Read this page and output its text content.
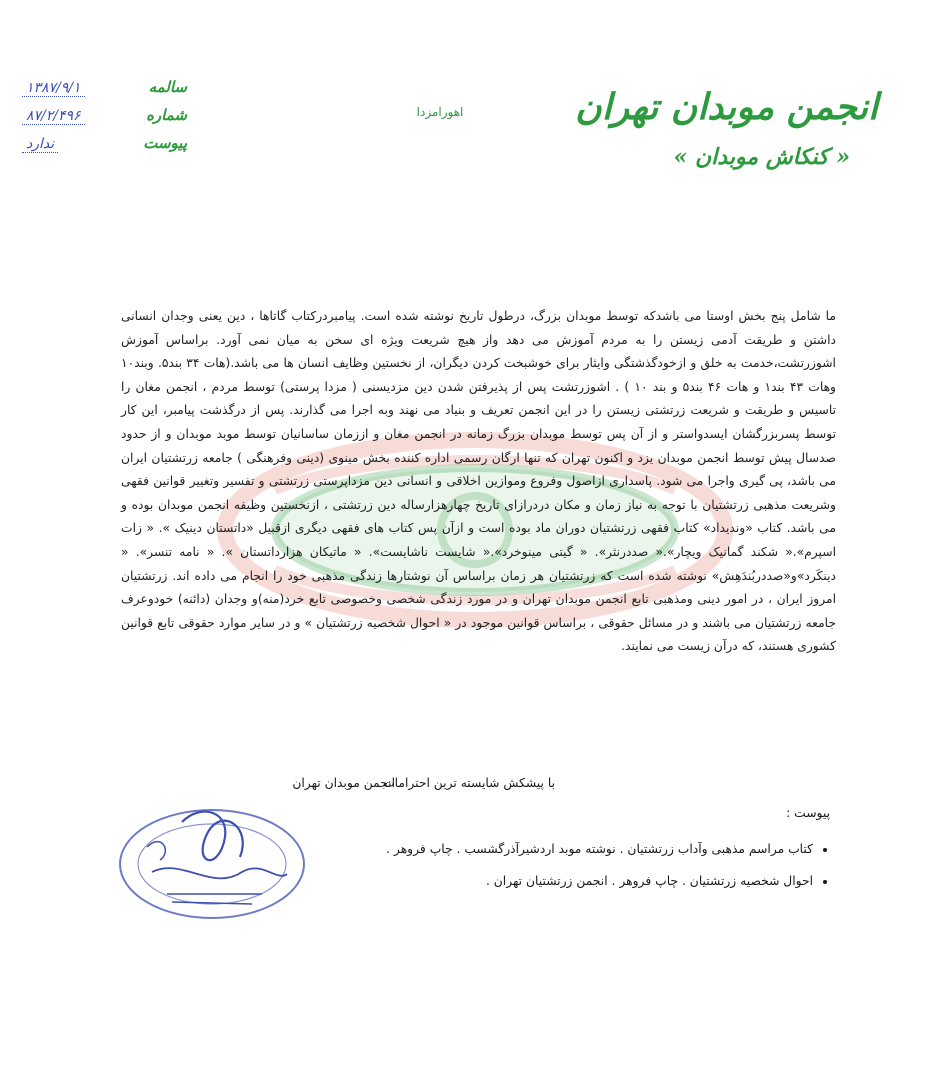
انجمن موبدان تهران
« کنکاش موبدان »
اهورامزدا
سالمه
۱۳۸۷/۹/۱
شماره
۸۷/۲/۴۹۶
پیوست
ندارد

ما شامل پنج بخش اوستا می باشدکه توسط موبدان بزرگ، درطول تاریخ نوشته شده است. پیامبردرکتاب گاتاها ، دین یعنی وجدان انسانی داشتن و طریقت آدمی زیستن را به مردم آموزش می دهد واز هیچ شریعت ویژه ای سخن به میان نمی آورد. براساس آموزش اشوزرتشت،خدمت به خلق و ازخودگذشتگی وایثار برای خوشبخت کردن دیگران، از نخستین وظایف انسان ها می باشد.(هات ۳۴ بند۵. وبند۱۰ وهات ۴۳ بند۱ و هات ۴۶ بند۵ و بند ۱۰ ) . اشوزرتشت پس از پذیرفتن شدن دین مزدیسنی ( مزدا پرستی) توسط مردم ، انجمن مغان را تاسیس و طریقت و شریعت زرتشتی زیستن را در این انجمن تعریف و بنیاد می نهند وبه اجرا می گذارند. پس از درگذشت پیامبر، این کار توسط پسربزرگشان ایسدواستر و از آن پس توسط موبدان بزرگ زمانه در انجمن مغان و اززمان ساسانیان توسط موبد موبدان و از حدود صدسال پیش توسط انجمن موبدان یزد و اکنون تهران که تنها ارگان رسمی اداره کننده بخش مینوی (دینی وفرهنگی ) جامعه زرتشتیان ایران می باشد، پی گیری واجرا می شود. پاسداری ازاصول وفروع وموازین اخلاقی و انسانی دین مزداپرستی زرتشتی و تفسیر وتغییر قوانین فقهی وشریعت مذهبی زرتشتیان با توجه به نیاز زمان و مکان دردرازای تاریخ چهارهزارساله دین زرتشتی ، ازنخستین وظیفه انجمن موبدان بوده و می باشد. کتاب «وندیداد» کتاب فقهی زرتشتیان دوران ماد بوده است و ازآن پس کتاب های فقهی دیگری ازقبیل «داتستان دینیک ». « زات اسپرم».« شکند گمانیک ویچار».« صددرنثر». « گیتی مینوخرد».« شایست ناشایست». « ماتیکان هزارداتستان ». « نامه تنسر». « دینکَرد»و«صددربُندَهِش» نوشته شده است که زرتشتیان هر زمان براساس آن نوشتارها زندگی مذهبی خود را انجام می داده اند. زرتشتیان امروز ایران ، در امور دینی ومذهبی تابع انجمن موبدان تهران و در مورد زندگی شخصی وخصوصی تابع خرد(منه)و وجدان (دائنه) خودوعرف جامعه زرتشتیان می باشند و در مسائل حقوقی ، براساس قوانین موجود در « احوال شخصیه زرتشتیان » و در سایر موارد حقوقی تابع قوانین کشوری هستند، که درآن زیست می نمایند.

با پیشکش شایسته ترین احترامات
انجمن موبدان تهران
پیوست :
• کتاب مراسم مذهبی وآداب زرتشتیان . نوشته موبد اردشیرآذرگشسب . چاپ فروهر .
• احوال شخصیه زرتشتیان . چاپ فروهر . انجمن زرتشتیان تهران .
